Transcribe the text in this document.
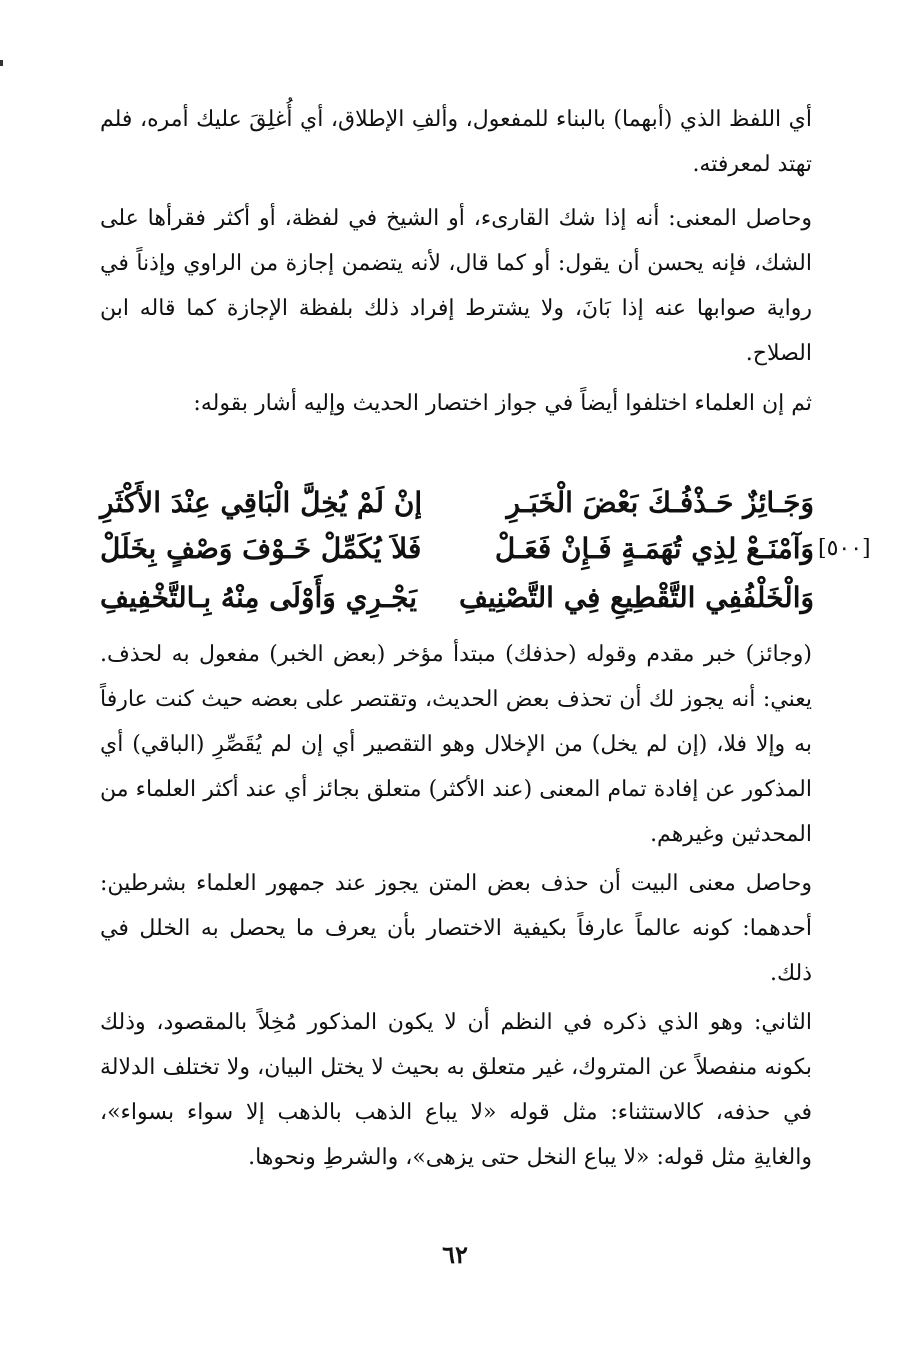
أي اللفظ الذي (أبهما) بالبناء للمفعول، وألفِ الإطلاق، أي أُغلِقَ عليك أمره، فلم تهتد لمعرفته.

وحاصل المعنى: أنه إذا شك القارىء، أو الشيخ في لفظة، أو أكثر فقرأها على الشك، فإنه يحسن أن يقول: أو كما قال، لأنه يتضمن إجازة من الراوي وإذناً في رواية صوابها عنه إذا بَانَ، ولا يشترط إفراد ذلك بلفظة الإجازة كما قاله ابن الصلاح.

ثم إن العلماء اختلفوا أيضاً في جواز اختصار الحديث وإليه أشار بقوله:

[٥٠٠]
وَجَـائِزٌ حَـذْفُـكَ بَعْضَ الْخَبَـرِ
إنْ لَمْ يُخِلَّ الْبَاقِي عِنْدَ الأَكْثَرِ
وَآمْنَـعْ لِذِي تُهَمَـةٍ فَـإِنْ فَعَـلْ
فَلاَ يُكَمِّلْ خَـوْفَ وَصْفٍ بِخَلَلْ
وَالْخَلْفُفِي التَّقْطِيعِ فِي التَّصْنِيفِ
يَجْـرِي وَأَوْلَى مِنْهُ بِـالتَّخْفِيفِ

(وجائز) خبر مقدم وقوله (حذفك) مبتدأ مؤخر (بعض الخبر) مفعول به لحذف. يعني: أنه يجوز لك أن تحذف بعض الحديث، وتقتصر على بعضه حيث كنت عارفاً به وإلا فلا، (إن لم يخل) من الإخلال وهو التقصير أي إن لم يُقَصِّرِ (الباقي) أي المذكور عن إفادة تمام المعنى (عند الأكثر) متعلق بجائز أي عند أكثر العلماء من المحدثين وغيرهم.

وحاصل معنى البيت أن حذف بعض المتن يجوز عند جمهور العلماء بشرطين: أحدهما: كونه عالماً عارفاً بكيفية الاختصار بأن يعرف ما يحصل به الخلل في ذلك.

الثاني: وهو الذي ذكره في النظم أن لا يكون المذكور مُخِلاً بالمقصود، وذلك بكونه منفصلاً عن المتروك، غير متعلق به بحيث لا يختل البيان، ولا تختلف الدلالة في حذفه، كالاستثناء: مثل قوله «لا يباع الذهب بالذهب إلا سواء بسواء»، والغايةِ مثل قوله: «لا يباع النخل حتى يزهى»، والشرطِ ونحوها.

٦٢
